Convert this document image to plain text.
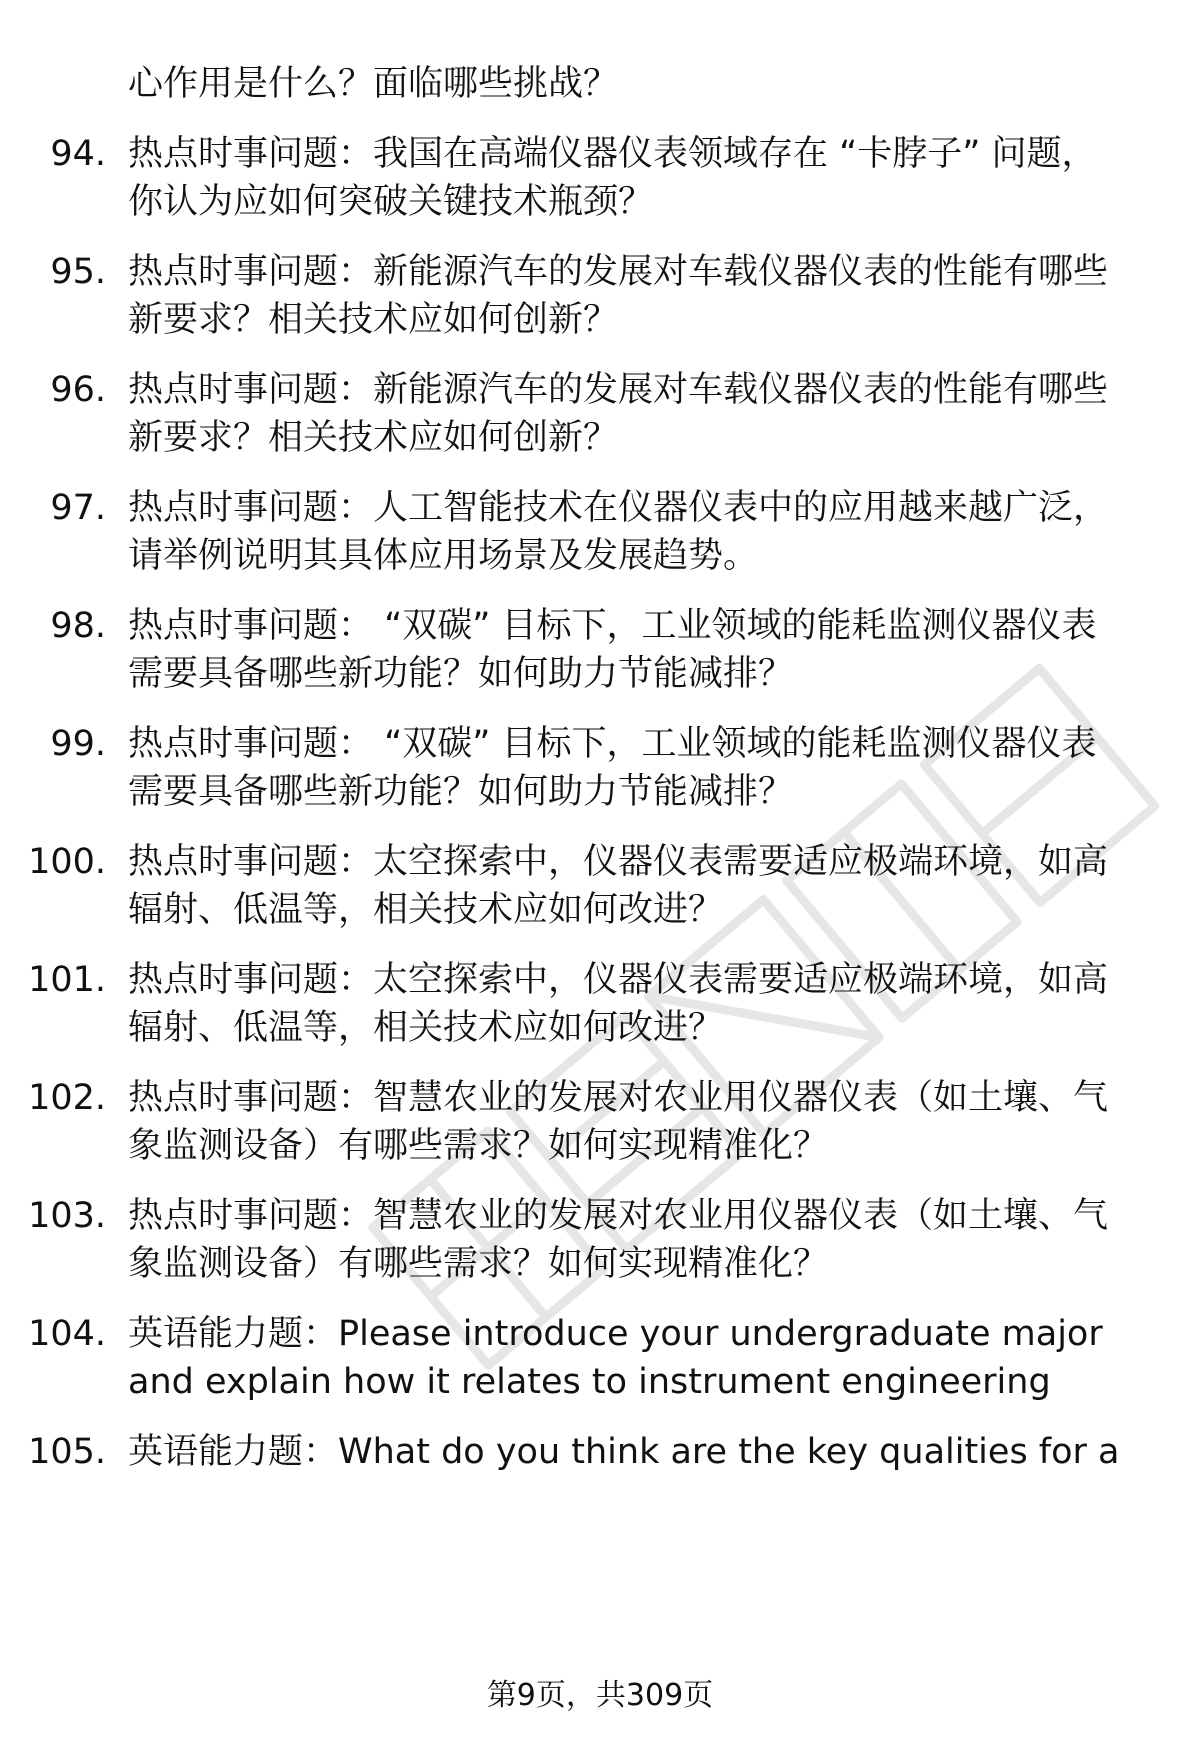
心作用是什么？面临哪些挑战？
94. 热点时事问题：我国在高端仪器仪表领域存在 “卡脖子” 问题，
你认为应如何突破关键技术瓶颈？
95. 热点时事问题：新能源汽车的发展对车载仪器仪表的性能有哪些
新要求？相关技术应如何创新？
96. 热点时事问题：新能源汽车的发展对车载仪器仪表的性能有哪些
新要求？相关技术应如何创新？
97. 热点时事问题：人工智能技术在仪器仪表中的应用越来越广泛，
请举例说明其具体应用场景及发展趋势。
98. 热点时事问题： “双碳” 目标下，工业领域的能耗监测仪器仪表
需要具备哪些新功能？如何助力节能减排？
99. 热点时事问题： “双碳” 目标下，工业领域的能耗监测仪器仪表
需要具备哪些新功能？如何助力节能减排？
100. 热点时事问题：太空探索中，仪器仪表需要适应极端环境，如高
辐射、低温等，相关技术应如何改进？
101. 热点时事问题：太空探索中，仪器仪表需要适应极端环境，如高
辐射、低温等，相关技术应如何改进？
102. 热点时事问题：智慧农业的发展对农业用仪器仪表（如土壤、气
象监测设备）有哪些需求？如何实现精准化？
103. 热点时事问题：智慧农业的发展对农业用仪器仪表（如土壤、气
象监测设备）有哪些需求？如何实现精准化？
104. 英语能力题：Please introduce your undergraduate major
and explain how it relates to instrument engineering
105. 英语能力题：What do you think are the key qualities for a
第9页，共309页
